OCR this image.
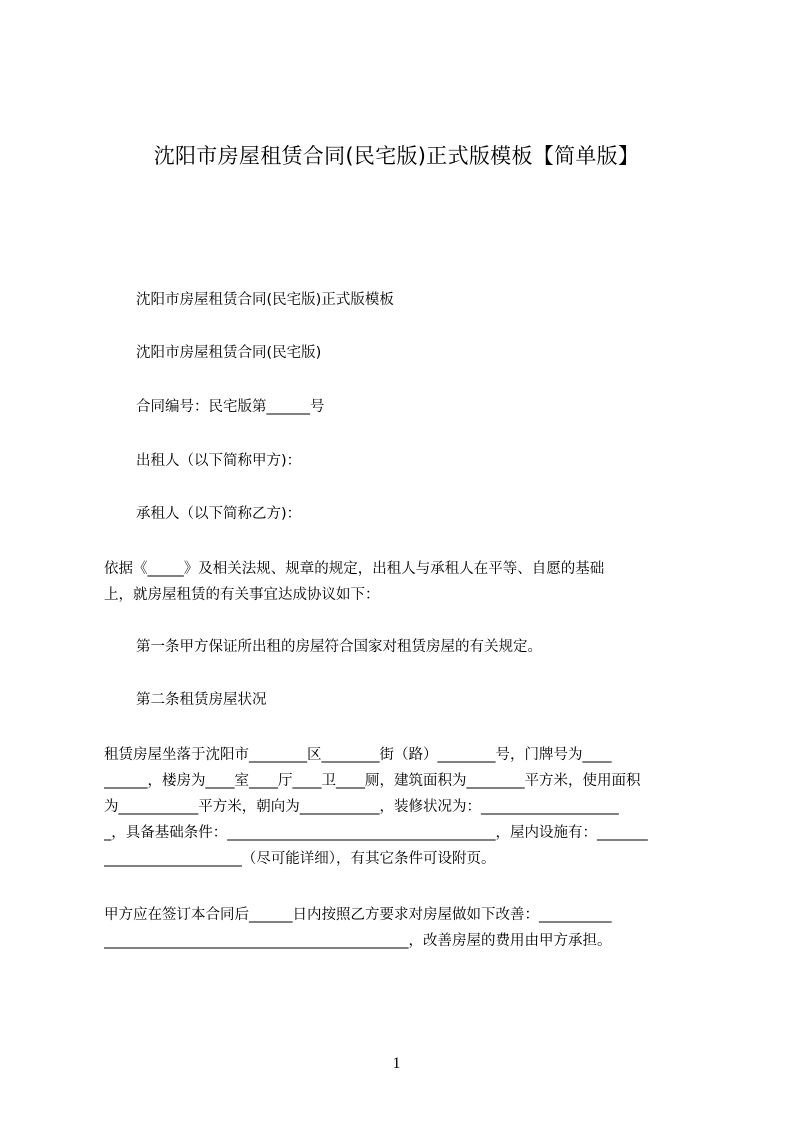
沈阳市房屋租赁合同(民宅版)正式版模板【简单版】
沈阳市房屋租赁合同(民宅版)正式版模板
沈阳市房屋租赁合同(民宅版)
合同编号：民宅版第______号
出租人（以下简称甲方)：
承租人（以下简称乙方)：
依据《_____》及相关法规、规章的规定，出租人与承租人在平等、自愿的基础
上，就房屋租赁的有关事宜达成协议如下：
第一条甲方保证所出租的房屋符合国家对租赁房屋的有关规定。
第二条租赁房屋状况
租赁房屋坐落于沈阳市________区________街（路）________号，门牌号为____
______，楼房为____室____厅____卫____厕，建筑面积为________平方米，使用面积
为___________平方米，朝向为___________，装修状况为：___________________
_，具备基础条件：_____________________________________，屋内设施有：_______
___________________（尽可能详细），有其它条件可设附页。
甲方应在签订本合同后______日内按照乙方要求对房屋做如下改善：__________
__________________________________________，改善房屋的费用由甲方承担。
1
